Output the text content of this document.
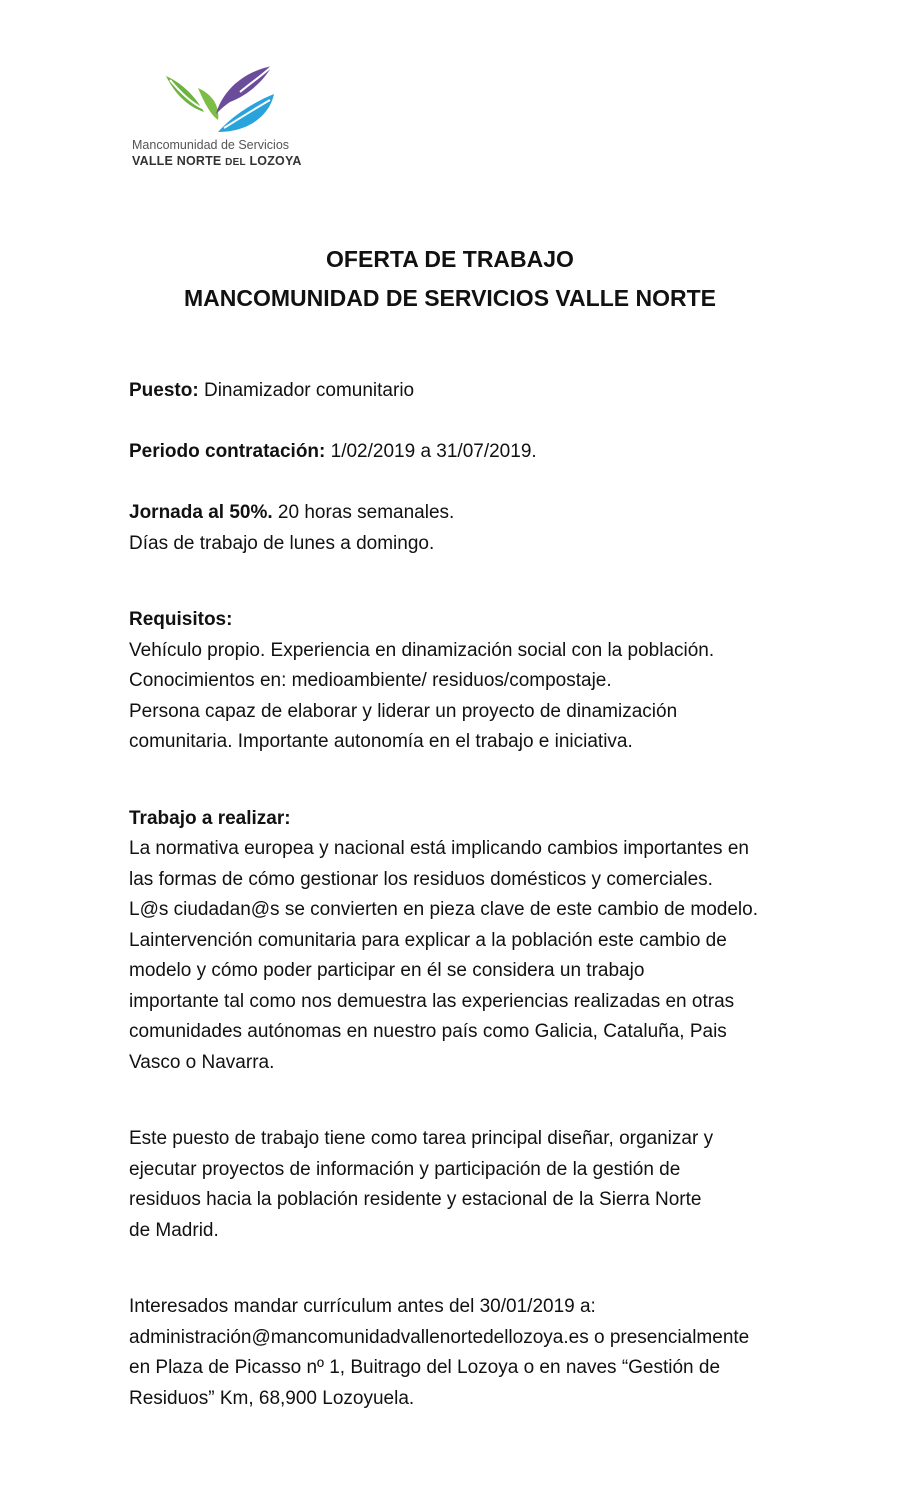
Mancomunidad de Servicios
VALLE NORTE DEL LOZOYA
OFERTA DE TRABAJO
MANCOMUNIDAD DE SERVICIOS VALLE NORTE

Puesto: Dinamizador comunitario

Periodo contratación: 1/02/2019 a 31/07/2019.

Jornada al 50%. 20 horas semanales.

Días de trabajo de lunes a domingo.

Requisitos:

Vehículo propio. Experiencia en dinamización social con la población.

Conocimientos en: medioambiente/ residuos/compostaje.

Persona capaz de elaborar y liderar un proyecto de dinamización

comunitaria. Importante autonomía en el trabajo e iniciativa.

Trabajo a realizar:

La normativa europea y nacional está implicando cambios importantes en

las formas de cómo gestionar los residuos domésticos y comerciales.

L@s ciudadan@s se convierten en pieza clave de este cambio de modelo.

Laintervención comunitaria para explicar a la población este cambio de

modelo y cómo poder participar en él se considera un trabajo

importante tal como nos demuestra las experiencias realizadas en otras

comunidades autónomas en nuestro país como Galicia, Cataluña, Pais

Vasco o Navarra.

Este puesto de trabajo tiene como tarea principal diseñar, organizar y

ejecutar proyectos de información y participación de la gestión de

residuos hacia la población residente y estacional de la Sierra Norte

de Madrid.

Interesados mandar currículum antes del 30/01/2019 a:

administración@mancomunidadvallenortedellozoya.es o presencialmente

en Plaza de Picasso nº 1, Buitrago del Lozoya o en naves “Gestión de

Residuos” Km, 68,900 Lozoyuela.
